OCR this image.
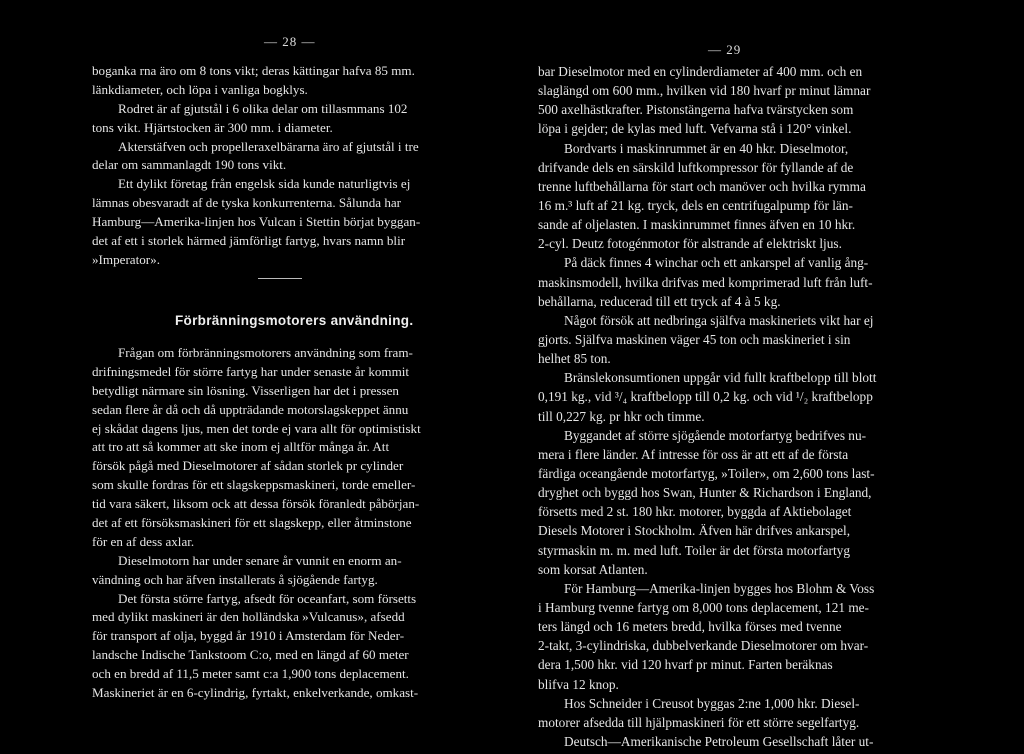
— 28 —
boganka rna äro om 8 tons vikt; deras kättingar hafva 85 mm.
länkdiameter, och löpa i vanliga bogklys.
Rodret är af gjutstål i 6 olika delar om tillasmmans 102
tons vikt. Hjärtstocken är 300 mm. i diameter.
Akterstäfven och propelleraxelbärarna äro af gjutstål i tre
delar om sammanlagdt 190 tons vikt.
Ett dylikt företag från engelsk sida kunde naturligtvis ej
lämnas obesvaradt af de tyska konkurrenterna. Sålunda har
Hamburg—Amerika-linjen hos Vulcan i Stettin börjat byggan-
det af ett i storlek härmed jämförligt fartyg, hvars namn blir
»Imperator».
Förbränningsmotorers användning.
Frågan om förbränningsmotorers användning som fram-
drifningsmedel för större fartyg har under senaste år kommit
betydligt närmare sin lösning. Visserligen har det i pressen
sedan flere år då och då uppträdande motorslagskeppet ännu
ej skådat dagens ljus, men det torde ej vara allt för optimistiskt
att tro att så kommer att ske inom ej alltför många år. Att
försök pågå med Dieselmotorer af sådan storlek pr cylinder
som skulle fordras för ett slagskeppsmaskineri, torde emeller-
tid vara säkert, liksom ock att dessa försök föranledt påbörjan-
det af ett försöksmaskineri för ett slagskepp, eller åtminstone
för en af dess axlar.
Dieselmotorn har under senare år vunnit en enorm an-
vändning och har äfven installerats å sjögående fartyg.
Det första större fartyg, afsedt för oceanfart, som försetts
med dylikt maskineri är den holländska »Vulcanus», afsedd
för transport af olja, byggd år 1910 i Amsterdam för Neder-
landsche Indische Tankstoom C:o, med en längd af 60 meter
och en bredd af 11,5 meter samt c:a 1,900 tons deplacement.
Maskineriet är en 6-cylindrig, fyrtakt, enkelverkande, omkast-
— 29
bar Dieselmotor med en cylinderdiameter af 400 mm. och en
slaglängd om 600 mm., hvilken vid 180 hvarf pr minut lämnar
500 axelhästkrafter. Pistonstängerna hafva tvärstycken som
löpa i gejder; de kylas med luft. Vefvarna stå i 120° vinkel.
Bordvarts i maskinrummet är en 40 hkr. Dieselmotor,
drifvande dels en särskild luftkompressor för fyllande af de
trenne luftbehållarna för start och manöver och hvilka rymma
16 m.³ luft af 21 kg. tryck, dels en centrifugalpump för län-
sande af oljelasten. I maskinrummet finnes äfven en 10 hkr.
2-cyl. Deutz fotogénmotor för alstrande af elektriskt ljus.
På däck finnes 4 winchar och ett ankarspel af vanlig ång-
maskinsmodell, hvilka drifvas med komprimerad luft från luft-
behållarna, reducerad till ett tryck af 4 à 5 kg.
Något försök att nedbringa själfva maskineriets vikt har ej
gjorts. Själfva maskinen väger 45 ton och maskineriet i sin
helhet 85 ton.
Bränslekonsumtionen uppgår vid fullt kraftbelopp till blott
0,191 kg., vid ³/₄ kraftbelopp till 0,2 kg. och vid ¹/₂ kraftbelopp
till 0,227 kg. pr hkr och timme.
Byggandet af större sjögående motorfartyg bedrifves nu-
mera i flere länder. Af intresse för oss är att ett af de första
färdiga oceangående motorfartyg, »Toiler», om 2,600 tons last-
dryghet och byggd hos Swan, Hunter & Richardson i England,
försetts med 2 st. 180 hkr. motorer, byggda af Aktiebolaget
Diesels Motorer i Stockholm. Äfven här drifves ankarspel,
styrmaskin m. m. med luft. Toiler är det första motorfartyg
som korsat Atlanten.
För Hamburg—Amerika-linjen bygges hos Blohm & Voss
i Hamburg tvenne fartyg om 8,000 tons deplacement, 121 me-
ters längd och 16 meters bredd, hvilka förses med tvenne
2-takt, 3-cylindriska, dubbelverkande Dieselmotorer om hvar-
dera 1,500 hkr. vid 120 hvarf pr minut. Farten beräknas
blifva 12 knop.
Hos Schneider i Creusot byggas 2:ne 1,000 hkr. Diesel-
motorer afsedda till hjälpmaskineri för ett större segelfartyg.
Deutsch—Amerikanische Petroleum Gesellschaft låter ut-
